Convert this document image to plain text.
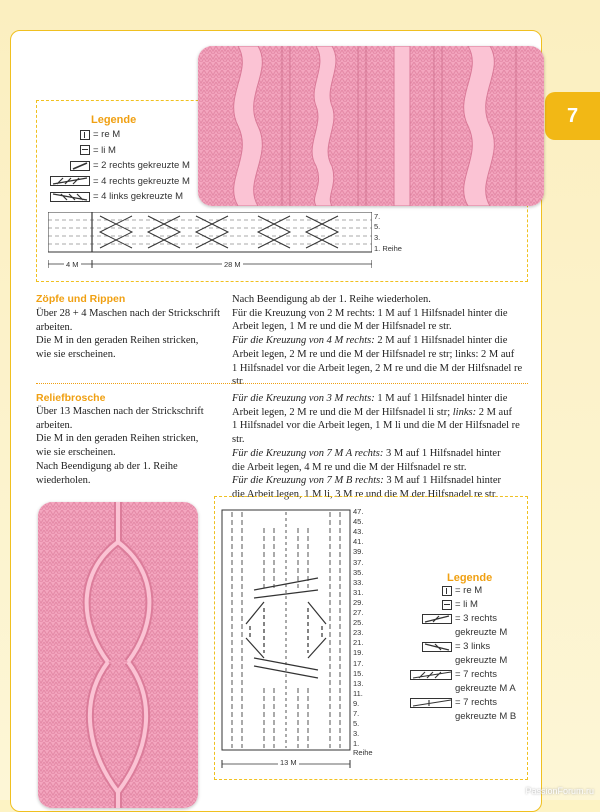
7
Legende
= re M
= li M
= 2 rechts gekreuzte M
= 4 rechts gekreuzte M
= 4 links gekreuzte M
7.
5.
3.
1. Reihe
4 M	28 M
Zöpfe und Rippen
Über 28 + 4 Maschen nach der Strickschrift
arbeiten.
Die M in den geraden Reihen stricken,
wie sie erscheinen.
Nach Beendigung ab der 1. Reihe wiederholen.
Für die Kreuzung von 2 M rechts: 1 M auf 1 Hilfsnadel hinter die
Arbeit legen, 1 M re und die M der Hilfsnadel re str.
Für die Kreuzung von 4 M rechts: 2 M auf 1 Hilfsnadel hinter die
Arbeit legen, 2 M re und die M der Hilfsnadel re str; links: 2 M auf
1 Hilfsnadel vor die Arbeit legen, 2 M re und die M der Hilfsnadel re str.
Reliefbrosche
Über 13 Maschen nach der Strickschrift
arbeiten.
Die M in den geraden Reihen stricken,
wie sie erscheinen.
Nach Beendigung ab der 1. Reihe
wiederholen.
Für die Kreuzung von 3 M rechts: 1 M auf 1 Hilfsnadel hinter die
Arbeit legen, 2 M re und die M der Hilfsnadel li str; links: 2 M auf
1 Hilfsnadel vor die Arbeit legen, 1 M li und die M der Hilfsnadel re str.
Für die Kreuzung von 7 M A rechts: 3 M auf 1 Hilfsnadel hinter
die Arbeit legen, 4 M re und die M der Hilfsnadel re str.
Für die Kreuzung von 7 M B rechts: 3 M auf 1 Hilfsnadel hinter
die Arbeit legen, 1 M li, 3 M re und die M der Hilfsnadel re str
13 M
47.
45.
43.
41.
39.
37.
35.
33.
31.
29.
27.
25.
23.
21.
19.
17.
15.
13.
11.
9.
7.
5.
3.
1. Reihe
Legende
= re M
= li M
= 3 rechts
gekreuzte M
= 3 links
gekreuzte M
= 7 rechts
gekreuzte M A
= 7 rechts
gekreuzte M B
PassionForum.ru
